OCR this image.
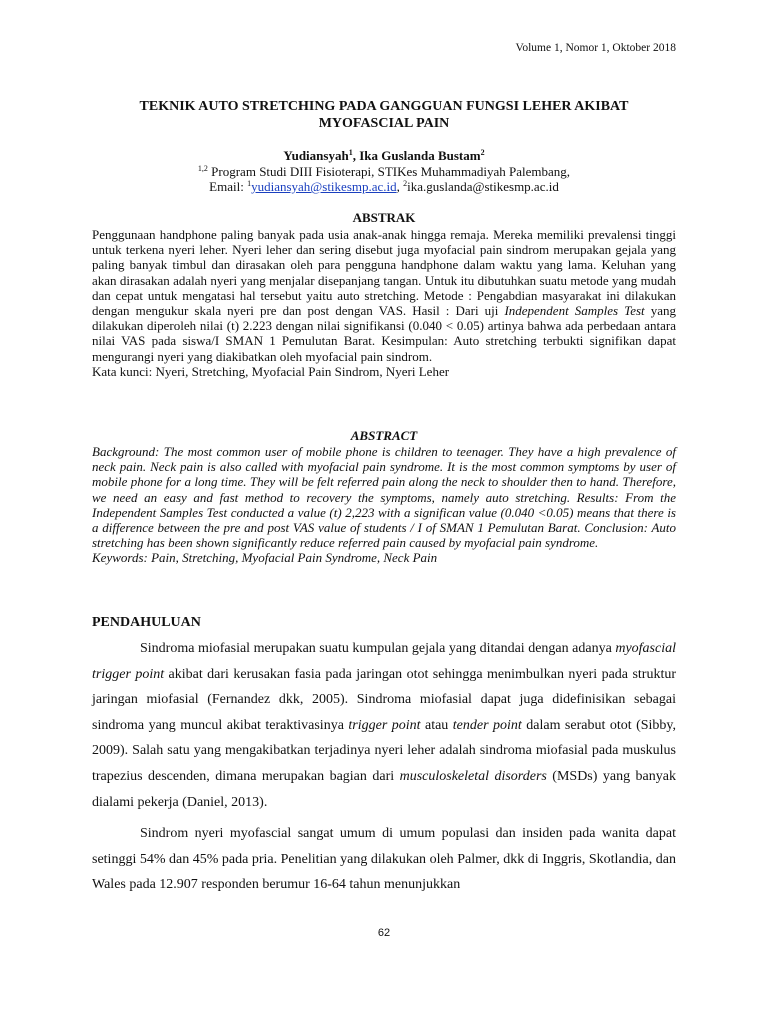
Volume 1, Nomor 1, Oktober 2018
TEKNIK AUTO STRETCHING PADA GANGGUAN FUNGSI LEHER AKIBAT
MYOFASCIAL PAIN
Yudiansyah$^1$, Ika Guslanda Bustam$^2$
$^{1,2}$ Program Studi DIII Fisioterapi, STIKes Muhammadiyah Palembang,
Email: $^1$yudiansyah@stikesmp.ac.id, $^2$ika.guslanda@stikesmp.ac.id
ABSTRAK

Penggunaan handphone paling banyak pada usia anak-anak hingga remaja. Mereka memiliki prevalensi tinggi untuk terkena nyeri leher. Nyeri leher dan sering disebut juga myofacial pain sindrom merupakan gejala yang paling banyak timbul dan dirasakan oleh para pengguna handphone dalam waktu yang lama. Keluhan yang akan dirasakan adalah nyeri yang menjalar disepanjang tangan. Untuk itu dibutuhkan suatu metode yang mudah dan cepat untuk mengatasi hal tersebut yaitu auto stretching. Metode : Pengabdian masyarakat ini dilakukan dengan mengukur skala nyeri pre dan post dengan VAS. Hasil : Dari uji Independent Samples Test yang dilakukan diperoleh nilai (t) 2.223 dengan nilai signifikansi (0.040 < 0.05) artinya bahwa ada perbedaan antara nilai VAS pada siswa/I SMAN 1 Pemulutan Barat. Kesimpulan: Auto stretching terbukti signifikan dapat mengurangi nyeri yang diakibatkan oleh myofacial pain sindrom.

Kata kunci: Nyeri, Stretching, Myofacial Pain Sindrom, Nyeri Leher

ABSTRACT

Background: The most common user of mobile phone is children to teenager. They have a high prevalence of neck pain. Neck pain is also called with myofacial pain syndrome. It is the most common symptoms by user of mobile phone for a long time. They will be felt referred pain along the neck to shoulder then to hand. Therefore, we need an easy and fast method to recovery the symptoms, namely auto stretching. Results: From the Independent Samples Test conducted a value (t) 2,223 with a significan value (0.040 <0.05) means that there is a difference between the pre and post VAS value of students / I of SMAN 1 Pemulutan Barat. Conclusion: Auto stretching has been shown significantly reduce referred pain caused by myofacial pain syndrome.

Keywords: Pain, Stretching, Myofacial Pain Syndrome, Neck Pain

PENDAHULUAN

Sindroma miofasial merupakan suatu kumpulan gejala yang ditandai dengan adanya myofascial trigger point akibat dari kerusakan fasia pada jaringan otot sehingga menimbulkan nyeri pada struktur jaringan miofasial (Fernandez dkk, 2005). Sindroma miofasial dapat juga didefinisikan sebagai sindroma yang muncul akibat teraktivasinya trigger point atau tender point dalam serabut otot (Sibby, 2009). Salah satu yang mengakibatkan terjadinya nyeri leher adalah sindroma miofasial pada muskulus trapezius descenden, dimana merupakan bagian dari musculoskeletal disorders (MSDs) yang banyak dialami pekerja (Daniel, 2013).

Sindrom nyeri myofascial sangat umum di umum populasi dan insiden pada wanita dapat setinggi 54% dan 45% pada pria. Penelitian yang dilakukan oleh Palmer, dkk di Inggris, Skotlandia, dan Wales pada 12.907 responden berumur 16-64 tahun menunjukkan

62
